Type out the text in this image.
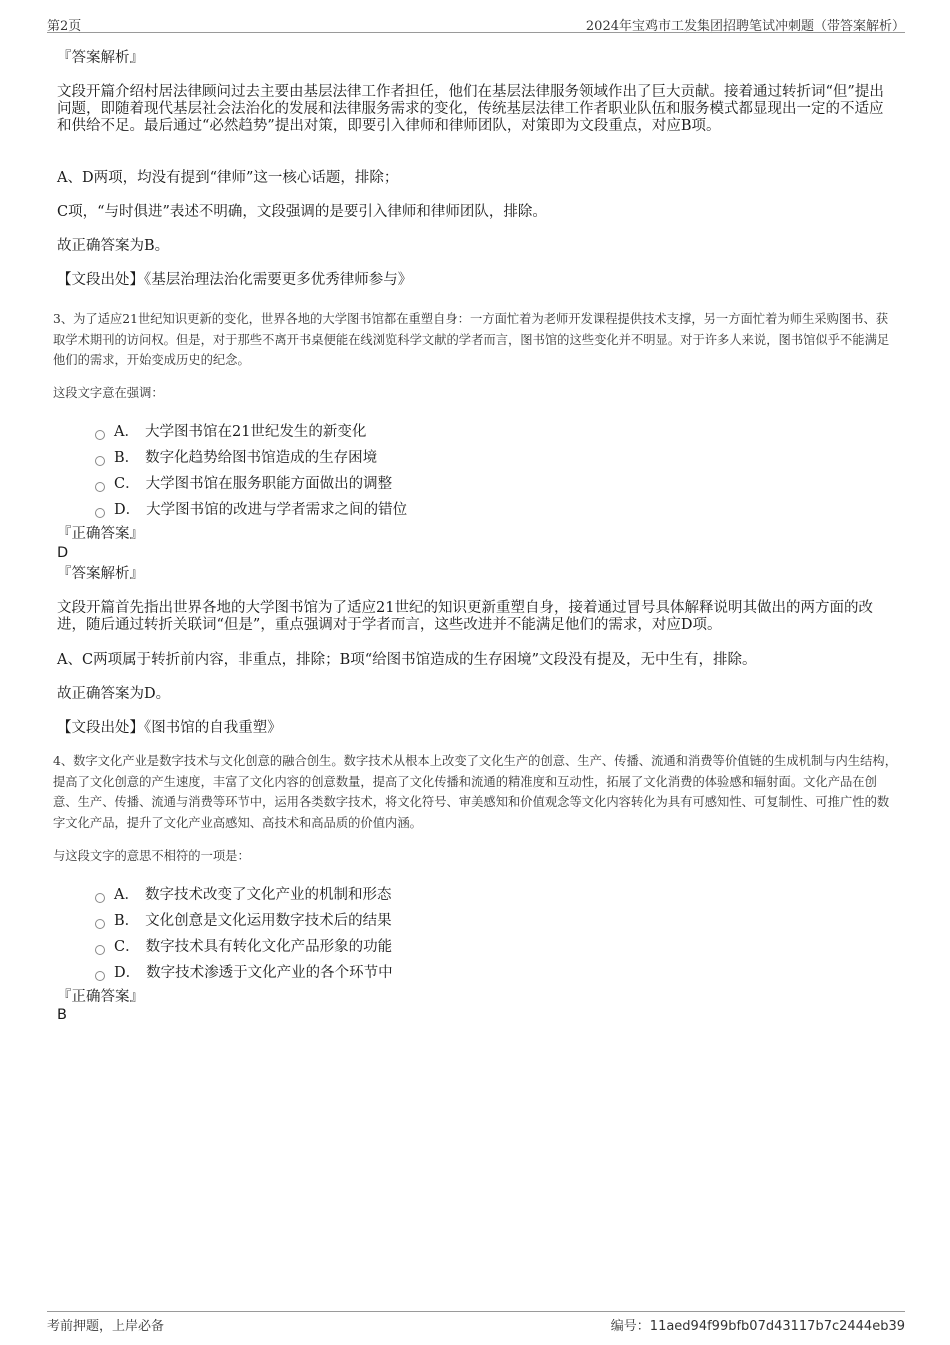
第2页	2024年宝鸡市工发集团招聘笔试冲刺题（带答案解析）

『答案解析』

文段开篇介绍村居法律顾问过去主要由基层法律工作者担任，他们在基层法律服务领域作出了巨大贡献。接着通过转折词“但”提出问题，即随着现代基层社会法治化的发展和法律服务需求的变化，传统基层法律工作者职业队伍和服务模式都显现出一定的不适应和供给不足。最后通过“必然趋势”提出对策，即要引入律师和律师团队，对策即为文段重点，对应B项。

A、D两项，均没有提到“律师”这一核心话题，排除；

C项，“与时俱进”表述不明确，文段强调的是要引入律师和律师团队，排除。

故正确答案为B。

【文段出处】《基层治理法治化需要更多优秀律师参与》

3、为了适应21世纪知识更新的变化，世界各地的大学图书馆都在重塑自身：一方面忙着为老师开发课程提供技术支撑，另一方面忙着为师生采购图书、获取学术期刊的访问权。但是，对于那些不离开书桌便能在线浏览科学文献的学者而言，图书馆的这些变化并不明显。对于许多人来说，图书馆似乎不能满足他们的需求，开始变成历史的纪念。

这段文字意在强调：

A． 大学图书馆在21世纪发生的新变化
B． 数字化趋势给图书馆造成的生存困境
C． 大学图书馆在服务职能方面做出的调整
D． 大学图书馆的改进与学者需求之间的错位

『正确答案』

D

『答案解析』

文段开篇首先指出世界各地的大学图书馆为了适应21世纪的知识更新重塑自身，接着通过冒号具体解释说明其做出的两方面的改进，随后通过转折关联词“但是”，重点强调对于学者而言，这些改进并不能满足他们的需求，对应D项。

A、C两项属于转折前内容，非重点，排除；B项“给图书馆造成的生存困境”文段没有提及，无中生有，排除。

故正确答案为D。

【文段出处】《图书馆的自我重塑》

4、数字文化产业是数字技术与文化创意的融合创生。数字技术从根本上改变了文化生产的创意、生产、传播、流通和消费等价值链的生成机制与内生结构，提高了文化创意的产生速度，丰富了文化内容的创意数量，提高了文化传播和流通的精准度和互动性，拓展了文化消费的体验感和辐射面。文化产品在创意、生产、传播、流通与消费等环节中，运用各类数字技术，将文化符号、审美感知和价值观念等文化内容转化为具有可感知性、可复制性、可推广性的数字文化产品，提升了文化产业高感知、高技术和高品质的价值内涵。

与这段文字的意思不相符的一项是：

A． 数字技术改变了文化产业的机制和形态
B． 文化创意是文化运用数字技术后的结果
C． 数字技术具有转化文化产品形象的功能
D． 数字技术渗透于文化产业的各个环节中

『正确答案』

B

考前押题，上岸必备	编号：11aed94f99bfb07d43117b7c2444eb39
